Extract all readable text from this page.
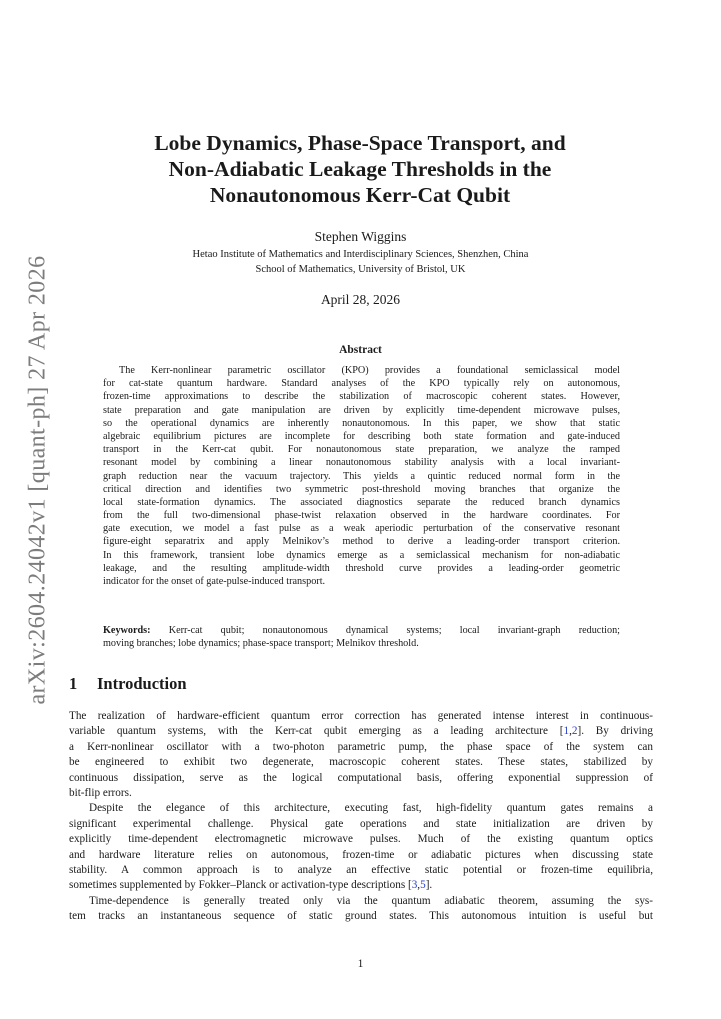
arXiv:2604.24042v1 [quant-ph] 27 Apr 2026
Lobe Dynamics, Phase-Space Transport, and
Non-Adiabatic Leakage Thresholds in the
Nonautonomous Kerr-Cat Qubit
Stephen Wiggins
Hetao Institute of Mathematics and Interdisciplinary Sciences, Shenzhen, China
School of Mathematics, University of Bristol, UK
April 28, 2026
Abstract
The Kerr-nonlinear parametric oscillator (KPO) provides a foundational semiclassical model
for cat-state quantum hardware. Standard analyses of the KPO typically rely on autonomous,
frozen-time approximations to describe the stabilization of macroscopic coherent states. However,
state preparation and gate manipulation are driven by explicitly time-dependent microwave pulses,
so the operational dynamics are inherently nonautonomous. In this paper, we show that static
algebraic equilibrium pictures are incomplete for describing both state formation and gate-induced
transport in the Kerr-cat qubit. For nonautonomous state preparation, we analyze the ramped
resonant model by combining a linear nonautonomous stability analysis with a local invariant-
graph reduction near the vacuum trajectory. This yields a quintic reduced normal form in the
critical direction and identifies two symmetric post-threshold moving branches that organize the
local state-formation dynamics. The associated diagnostics separate the reduced branch dynamics
from the full two-dimensional phase-twist relaxation observed in the hardware coordinates. For
gate execution, we model a fast pulse as a weak aperiodic perturbation of the conservative resonant
figure-eight separatrix and apply Melnikov’s method to derive a leading-order transport criterion.
In this framework, transient lobe dynamics emerge as a semiclassical mechanism for non-adiabatic
leakage, and the resulting amplitude-width threshold curve provides a leading-order geometric
indicator for the onset of gate-pulse-induced transport.
Keywords: Kerr-cat qubit; nonautonomous dynamical systems; local invariant-graph reduction;
moving branches; lobe dynamics; phase-space transport; Melnikov threshold.
1 Introduction
The realization of hardware-efficient quantum error correction has generated intense interest in continuous-
variable quantum systems, with the Kerr-cat qubit emerging as a leading architecture [1,2]. By driving
a Kerr-nonlinear oscillator with a two-photon parametric pump, the phase space of the system can
be engineered to exhibit two degenerate, macroscopic coherent states. These states, stabilized by
continuous dissipation, serve as the logical computational basis, offering exponential suppression of
bit-flip errors.
Despite the elegance of this architecture, executing fast, high-fidelity quantum gates remains a
significant experimental challenge. Physical gate operations and state initialization are driven by
explicitly time-dependent electromagnetic microwave pulses. Much of the existing quantum optics
and hardware literature relies on autonomous, frozen-time or adiabatic pictures when discussing state
stability. A common approach is to analyze an effective static potential or frozen-time equilibria,
sometimes supplemented by Fokker–Planck or activation-type descriptions [3,5].
Time-dependence is generally treated only via the quantum adiabatic theorem, assuming the sys-
tem tracks an instantaneous sequence of static ground states. This autonomous intuition is useful but
1
